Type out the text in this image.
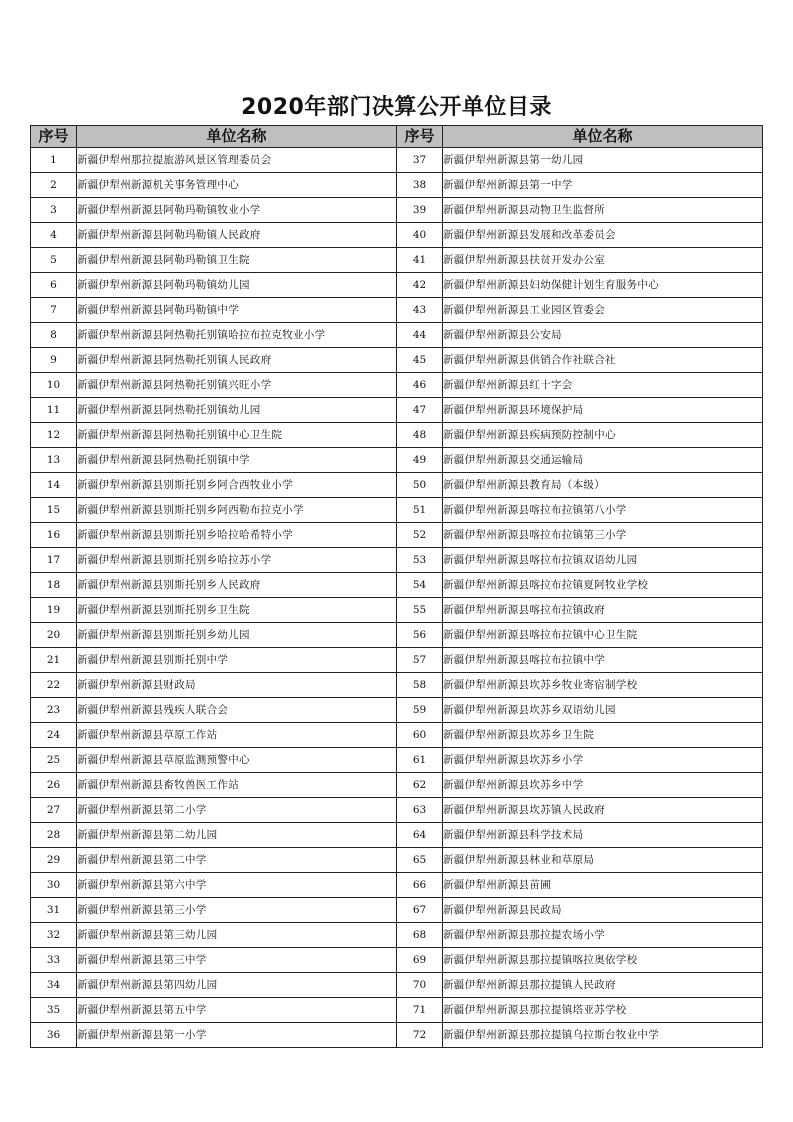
2020年部门决算公开单位目录
序号	单位名称	序号	单位名称
1	新疆伊犁州那拉提旅游风景区管理委员会	37	新疆伊犁州新源县第一幼儿园
2	新疆伊犁州新源机关事务管理中心	38	新疆伊犁州新源县第一中学
3	新疆伊犁州新源县阿勒玛勒镇牧业小学	39	新疆伊犁州新源县动物卫生监督所
4	新疆伊犁州新源县阿勒玛勒镇人民政府	40	新疆伊犁州新源县发展和改革委员会
5	新疆伊犁州新源县阿勒玛勒镇卫生院	41	新疆伊犁州新源县扶贫开发办公室
6	新疆伊犁州新源县阿勒玛勒镇幼儿园	42	新疆伊犁州新源县妇幼保健计划生育服务中心
7	新疆伊犁州新源县阿勒玛勒镇中学	43	新疆伊犁州新源县工业园区管委会
8	新疆伊犁州新源县阿热勒托别镇哈拉布拉克牧业小学	44	新疆伊犁州新源县公安局
9	新疆伊犁州新源县阿热勒托别镇人民政府	45	新疆伊犁州新源县供销合作社联合社
10	新疆伊犁州新源县阿热勒托别镇兴旺小学	46	新疆伊犁州新源县红十字会
11	新疆伊犁州新源县阿热勒托别镇幼儿园	47	新疆伊犁州新源县环境保护局
12	新疆伊犁州新源县阿热勒托别镇中心卫生院	48	新疆伊犁州新源县疾病预防控制中心
13	新疆伊犁州新源县阿热勒托别镇中学	49	新疆伊犁州新源县交通运输局
14	新疆伊犁州新源县别斯托别乡阿合西牧业小学	50	新疆伊犁州新源县教育局（本级）
15	新疆伊犁州新源县别斯托别乡阿西勒布拉克小学	51	新疆伊犁州新源县喀拉布拉镇第八小学
16	新疆伊犁州新源县别斯托别乡哈拉哈希特小学	52	新疆伊犁州新源县喀拉布拉镇第三小学
17	新疆伊犁州新源县别斯托别乡哈拉苏小学	53	新疆伊犁州新源县喀拉布拉镇双语幼儿园
18	新疆伊犁州新源县别斯托别乡人民政府	54	新疆伊犁州新源县喀拉布拉镇夏阿牧业学校
19	新疆伊犁州新源县别斯托别乡卫生院	55	新疆伊犁州新源县喀拉布拉镇政府
20	新疆伊犁州新源县别斯托别乡幼儿园	56	新疆伊犁州新源县喀拉布拉镇中心卫生院
21	新疆伊犁州新源县别斯托别中学	57	新疆伊犁州新源县喀拉布拉镇中学
22	新疆伊犁州新源县财政局	58	新疆伊犁州新源县坎苏乡牧业寄宿制学校
23	新疆伊犁州新源县残疾人联合会	59	新疆伊犁州新源县坎苏乡双语幼儿园
24	新疆伊犁州新源县草原工作站	60	新疆伊犁州新源县坎苏乡卫生院
25	新疆伊犁州新源县草原监测预警中心	61	新疆伊犁州新源县坎苏乡小学
26	新疆伊犁州新源县畜牧兽医工作站	62	新疆伊犁州新源县坎苏乡中学
27	新疆伊犁州新源县第二小学	63	新疆伊犁州新源县坎苏镇人民政府
28	新疆伊犁州新源县第二幼儿园	64	新疆伊犁州新源县科学技术局
29	新疆伊犁州新源县第二中学	65	新疆伊犁州新源县林业和草原局
30	新疆伊犁州新源县第六中学	66	新疆伊犁州新源县苗圃
31	新疆伊犁州新源县第三小学	67	新疆伊犁州新源县民政局
32	新疆伊犁州新源县第三幼儿园	68	新疆伊犁州新源县那拉提农场小学
33	新疆伊犁州新源县第三中学	69	新疆伊犁州新源县那拉提镇喀拉奥依学校
34	新疆伊犁州新源县第四幼儿园	70	新疆伊犁州新源县那拉提镇人民政府
35	新疆伊犁州新源县第五中学	71	新疆伊犁州新源县那拉提镇塔亚苏学校
36	新疆伊犁州新源县第一小学	72	新疆伊犁州新源县那拉提镇乌拉斯台牧业中学
